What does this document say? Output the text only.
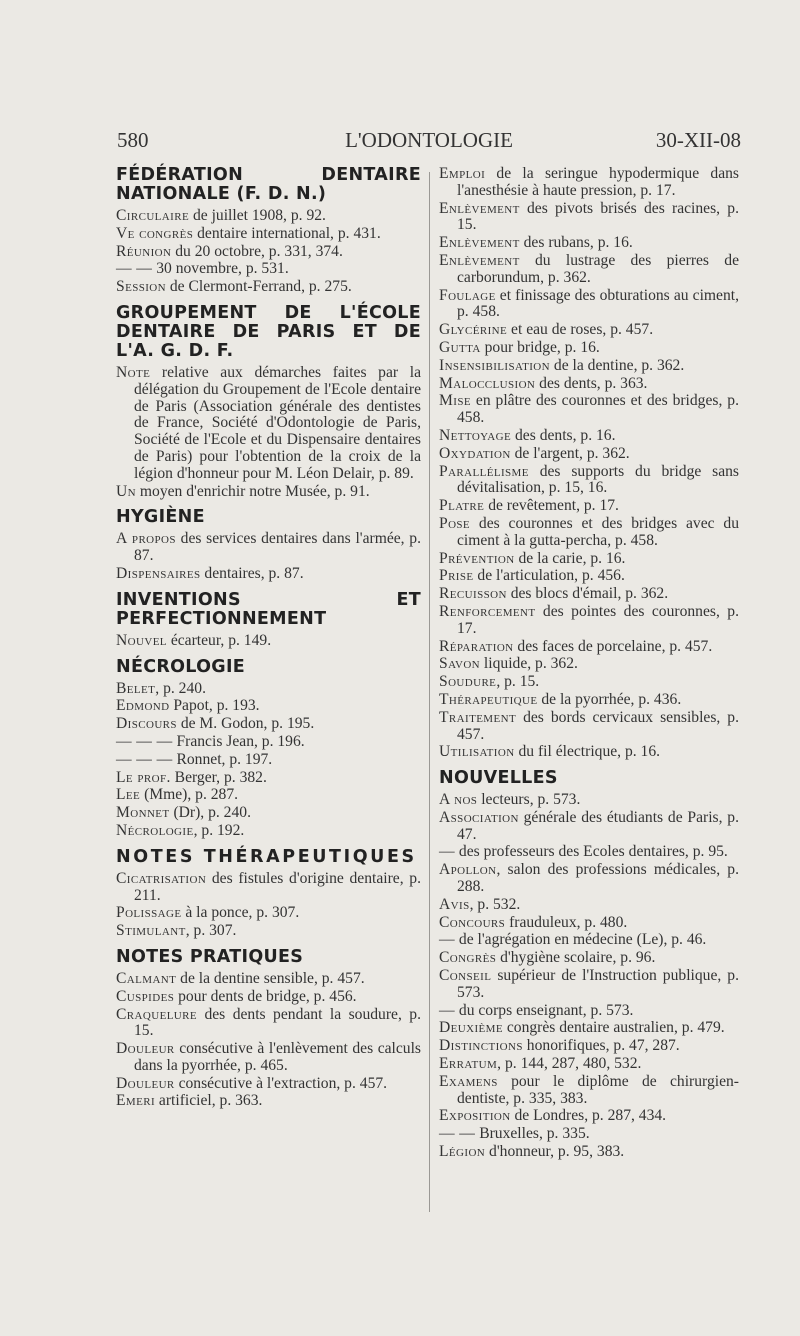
580	L'ODONTOLOGIE	30-XII-08
FÉDÉRATION DENTAIRE NATIONALE (F. D. N.)
Circulaire de juillet 1908, p. 92.
Ve congrès dentaire international, p. 431.
Réunion du 20 octobre, p. 331, 374.
— — 30 novembre, p. 531.
Session de Clermont-Ferrand, p. 275.
GROUPEMENT DE L'ÉCOLE DENTAIRE DE PARIS ET DE L'A. G. D. F.
Note relative aux démarches faites par la délégation du Groupement de l'Ecole dentaire de Paris (Association générale des dentistes de France, Société d'Odontologie de Paris, Société de l'Ecole et du Dispensaire dentaires de Paris) pour l'obtention de la croix de la légion d'honneur pour M. Léon Delair, p. 89.
Un moyen d'enrichir notre Musée, p. 91.
HYGIÈNE
A propos des services dentaires dans l'armée, p. 87.
Dispensaires dentaires, p. 87.
INVENTIONS ET PERFECTIONNEMENT
Nouvel écarteur, p. 149.
NÉCROLOGIE
Belet, p. 240.
Edmond Papot, p. 193.
Discours de M. Godon, p. 195.
— — — Francis Jean, p. 196.
— — — Ronnet, p. 197.
Le prof. Berger, p. 382.
Lee (Mme), p. 287.
Monnet (Dr), p. 240.
Nécrologie, p. 192.
NOTES THÉRAPEUTIQUES
Cicatrisation des fistules d'origine dentaire, p. 211.
Polissage à la ponce, p. 307.
Stimulant, p. 307.
NOTES PRATIQUES
Calmant de la dentine sensible, p. 457.
Cuspides pour dents de bridge, p. 456.
Craquelure des dents pendant la soudure, p. 15.
Douleur consécutive à l'enlèvement des calculs dans la pyorrhée, p. 465.
Douleur consécutive à l'extraction, p. 457.
Emeri artificiel, p. 363.
Emploi de la seringue hypodermique dans l'anesthésie à haute pression, p. 17.
Enlèvement des pivots brisés des racines, p. 15.
Enlèvement des rubans, p. 16.
Enlèvement du lustrage des pierres de carborundum, p. 362.
Foulage et finissage des obturations au ciment, p. 458.
Glycérine et eau de roses, p. 457.
Gutta pour bridge, p. 16.
Insensibilisation de la dentine, p. 362.
Malocclusion des dents, p. 363.
Mise en plâtre des couronnes et des bridges, p. 458.
Nettoyage des dents, p. 16.
Oxydation de l'argent, p. 362.
Parallélisme des supports du bridge sans dévitalisation, p. 15, 16.
Platre de revêtement, p. 17.
Pose des couronnes et des bridges avec du ciment à la gutta-percha, p. 458.
Prévention de la carie, p. 16.
Prise de l'articulation, p. 456.
Recuisson des blocs d'émail, p. 362.
Renforcement des pointes des couronnes, p. 17.
Réparation des faces de porcelaine, p. 457.
Savon liquide, p. 362.
Soudure, p. 15.
Thérapeutique de la pyorrhée, p. 436.
Traitement des bords cervicaux sensibles, p. 457.
Utilisation du fil électrique, p. 16.
NOUVELLES
A nos lecteurs, p. 573.
Association générale des étudiants de Paris, p. 47.
— des professeurs des Ecoles dentaires, p. 95.
Apollon, salon des professions médicales, p. 288.
Avis, p. 532.
Concours frauduleux, p. 480.
— de l'agrégation en médecine (Le), p. 46.
Congrès d'hygiène scolaire, p. 96.
Conseil supérieur de l'Instruction publique, p. 573.
— du corps enseignant, p. 573.
Deuxième congrès dentaire australien, p. 479.
Distinctions honorifiques, p. 47, 287.
Erratum, p. 144, 287, 480, 532.
Examens pour le diplôme de chirurgien-dentiste, p. 335, 383.
Exposition de Londres, p. 287, 434.
— — Bruxelles, p. 335.
Légion d'honneur, p. 95, 383.
